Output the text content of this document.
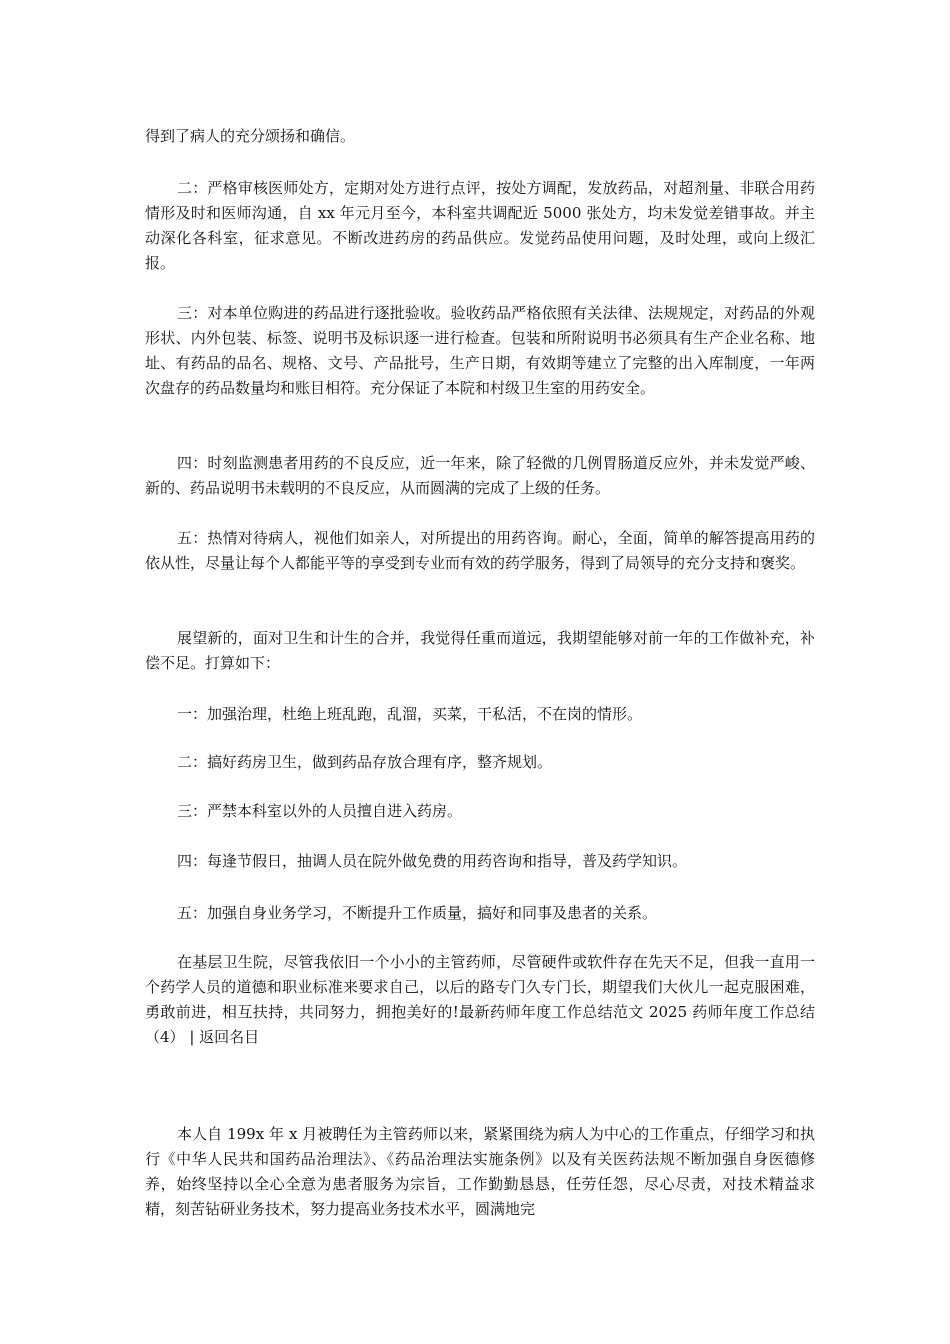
得到了病人的充分颂扬和确信。

二：严格审核医师处方，定期对处方进行点评，按处方调配，发放药品，对超剂量、非联合用药情形及时和医师沟通，自 xx 年元月至今，本科室共调配近 5000 张处方，均未发觉差错事故。并主动深化各科室，征求意见。不断改进药房的药品供应。发觉药品使用问题，及时处理，或向上级汇报。

三：对本单位购进的药品进行逐批验收。验收药品严格依照有关法律、法规规定，对药品的外观形状、内外包装、标签、说明书及标识逐一进行检查。包装和所附说明书必须具有生产企业名称、地址、有药品的品名、规格、文号、产品批号，生产日期，有效期等建立了完整的出入库制度，一年两次盘存的药品数量均和账目相符。充分保证了本院和村级卫生室的用药安全。

四：时刻监测患者用药的不良反应，近一年来，除了轻微的几例胃肠道反应外，并未发觉严峻、新的、药品说明书未载明的不良反应，从而圆满的完成了上级的任务。

五：热情对待病人，视他们如亲人，对所提出的用药咨询。耐心，全面，简单的解答提高用药的依从性，尽量让每个人都能平等的享受到专业而有效的药学服务，得到了局领导的充分支持和褒奖。

展望新的，面对卫生和计生的合并，我觉得任重而道远，我期望能够对前一年的工作做补充，补偿不足。打算如下：

一：加强治理，杜绝上班乱跑，乱溜，买菜，干私活，不在岗的情形。

二：搞好药房卫生，做到药品存放合理有序，整齐规划。

三：严禁本科室以外的人员擅自进入药房。

四：每逢节假日，抽调人员在院外做免费的用药咨询和指导，普及药学知识。

五：加强自身业务学习，不断提升工作质量，搞好和同事及患者的关系。

在基层卫生院，尽管我依旧一个小小的主管药师，尽管硬件或软件存在先天不足，但我一直用一个药学人员的道德和职业标准来要求自己，以后的路专门久专门长，期望我们大伙儿一起克服困难，勇敢前进，相互扶持，共同努力，拥抱美好的!最新药师年度工作总结范文 2025 药师年度工作总结（4） | 返回名目

本人自 199x 年 x 月被聘任为主管药师以来，紧紧围绕为病人为中心的工作重点，仔细学习和执行《中华人民共和国药品治理法》、《药品治理法实施条例》以及有关医药法规不断加强自身医德修养，始终坚持以全心全意为患者服务为宗旨，工作勤勤恳恳，任劳任怨，尽心尽责，对技术精益求精，刻苦钻研业务技术，努力提高业务技术水平，圆满地完
